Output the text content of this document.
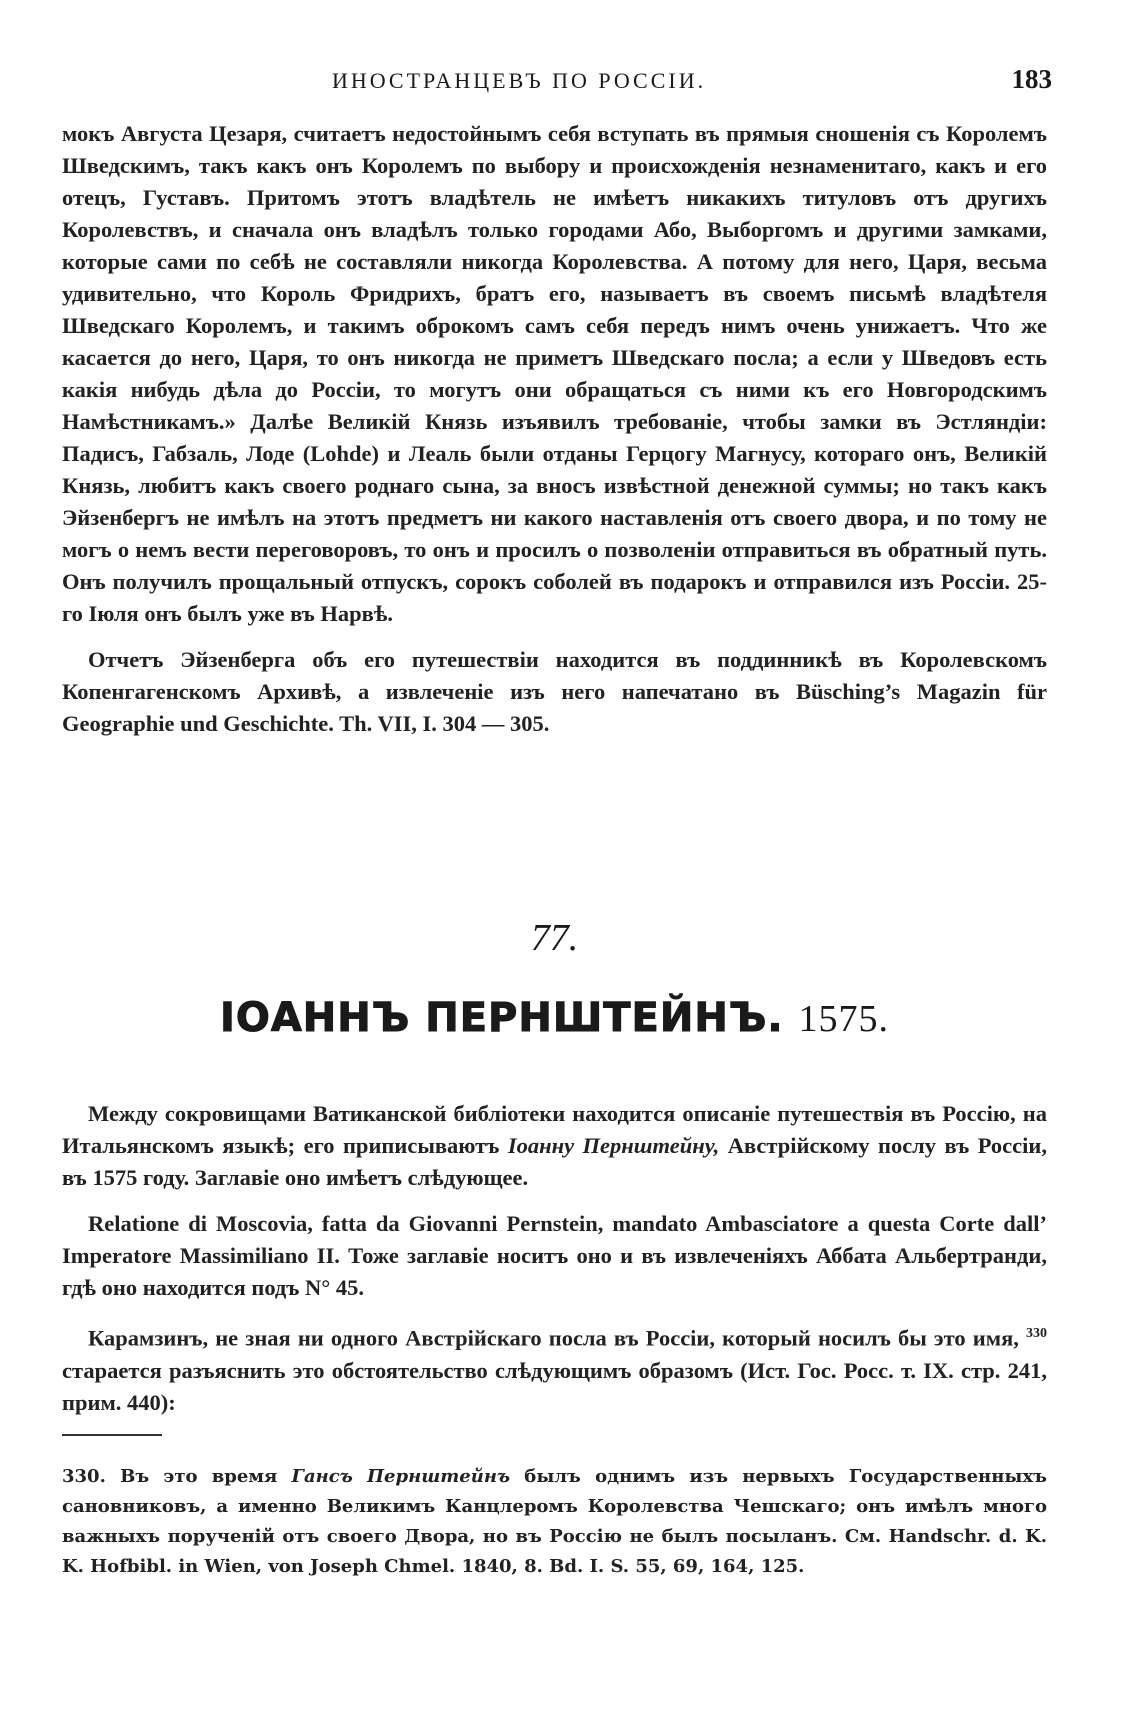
ИНОСТРАНЦЕВЪ ПО РОССІИ.	183

мокъ Августа Цезаря, считаетъ недостойнымъ себя вступать въ прямыя сношенія съ Королемъ Шведскимъ, такъ какъ онъ Королемъ по выбору и происхожденія незнаменитаго, какъ и его отецъ, Густавъ. Притомъ этотъ владѣтель не имѣетъ никакихъ титуловъ отъ другихъ Королевствъ, и сначала онъ владѣлъ только городами Або, Выборгомъ и другими замками, которые сами по себѣ не составляли никогда Королевства. А потому для него, Царя, весьма удивительно, что Король Фридрихъ, братъ его, называетъ въ своемъ письмѣ владѣтеля Шведскаго Королемъ, и такимъ оброкомъ самъ себя передъ нимъ очень унижаетъ. Что же касается до него, Царя, то онъ никогда не приметъ Шведскаго посла; а если у Шведовъ есть какія нибудь дѣла до Россіи, то могутъ они обращаться съ ними къ его Новгородскимъ Намѣстникамъ.» Далѣе Великій Князь изъявилъ требованіе, чтобы замки въ Эстляндіи: Падисъ, Габзаль, Лоде (Lohde) и Леаль были отданы Герцогу Магнусу, котораго онъ, Великій Князь, любитъ какъ своего роднаго сына, за вносъ извѣстной денежной суммы; но такъ какъ Эйзенбергъ не имѣлъ на этотъ предметъ ни какого наставленія отъ своего двора, и по тому не могъ о немъ вести переговоровъ, то онъ и просилъ о позволеніи отправиться въ обратный путь. Онъ получилъ прощальный отпускъ, сорокъ соболей въ подарокъ и отправился изъ Россіи. 25-го Іюля онъ былъ уже въ Нарвѣ.

Отчетъ Эйзенберга объ его путешествіи находится въ поддинникѣ въ Королевскомъ Копенгагенскомъ Архивѣ, а извлеченіе изъ него напечатано въ Büsching’s Magazin für Geographie und Geschichte. Th. VII, I. 304 — 305.

77.
ІОАННЪ ПЕРНШТЕЙНЪ. 1575.

Между сокровищами Ватиканской библіотеки находится описаніе путешествія въ Россію, на Итальянскомъ языкѣ; его приписываютъ Іоанну Пернштейну, Австрійскому послу въ Россіи, въ 1575 году. Заглавіе оно имѣетъ слѣдующее.

Relatione di Moscovia, fatta da Giovanni Pernstein, mandato Ambasciatore a questa Corte dall’ Imperatore Massimiliano II. Тоже заглавіе носитъ оно и въ извлеченіяхъ Аббата Альбертранди, гдѣ оно находится подъ N° 45.

Карамзинъ, не зная ни одного Австрійскаго посла въ Россіи, который носилъ бы это имя, $^{330}$ старается разъяснить это обстоятельство слѣдующимъ образомъ (Ист. Гос. Росс. т. IX. стр. 241, прим. 440):

330. Въ это время Гансъ Пернштейнъ былъ однимъ изъ нервыхъ Государственныхъ сановниковъ, а именно Великимъ Канцлеромъ Королевства Чешскаго; онъ имѣлъ много важныхъ порученій отъ своего Двора, но въ Россію не былъ посыланъ. См. Handschr. d. K. K. Hofbibl. in Wien, von Joseph Chmel. 1840, 8. Bd. I. S. 55, 69, 164, 125.
